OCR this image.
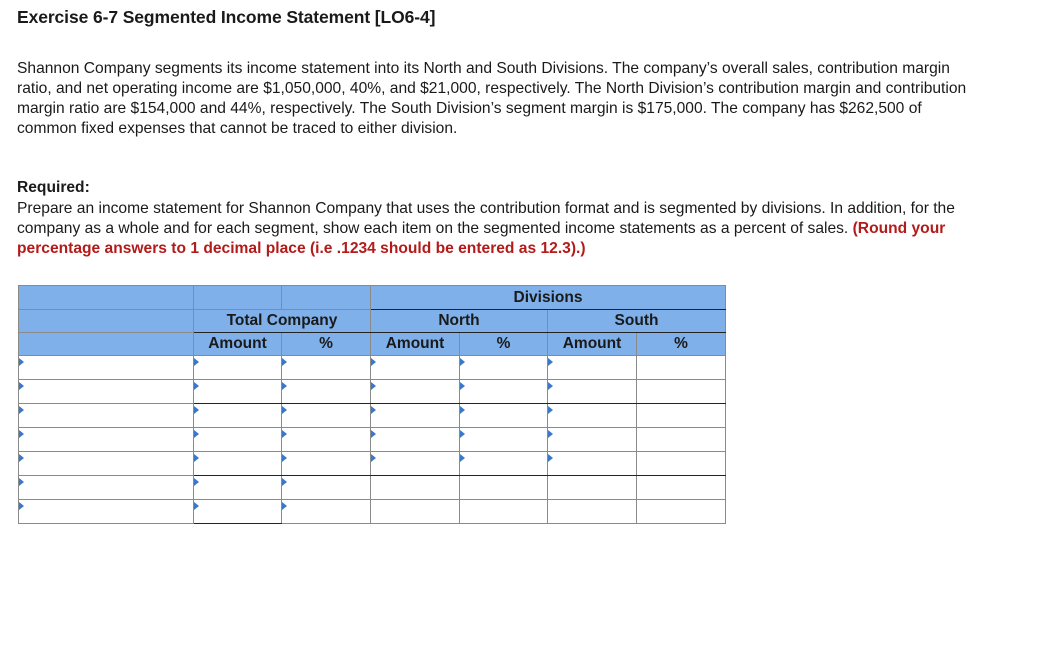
Exercise 6-7 Segmented Income Statement [LO6-4]
Shannon Company segments its income statement into its North and South Divisions. The company’s overall sales, contribution margin ratio, and net operating income are $1,050,000, 40%, and $21,000, respectively. The North Division’s contribution margin and contribution margin ratio are $154,000 and 44%, respectively. The South Division’s segment margin is $175,000. The company has $262,500 of common fixed expenses that cannot be traced to either division.
Required:
Prepare an income statement for Shannon Company that uses the contribution format and is segmented by divisions. In addition, for the company as a whole and for each segment, show each item on the segmented income statements as a percent of sales. (Round your percentage answers to 1 decimal place (i.e .1234 should be entered as 12.3).)
			Divisions			
	Total Company		North		South	
	Amount	%	Amount	%	Amount	%
